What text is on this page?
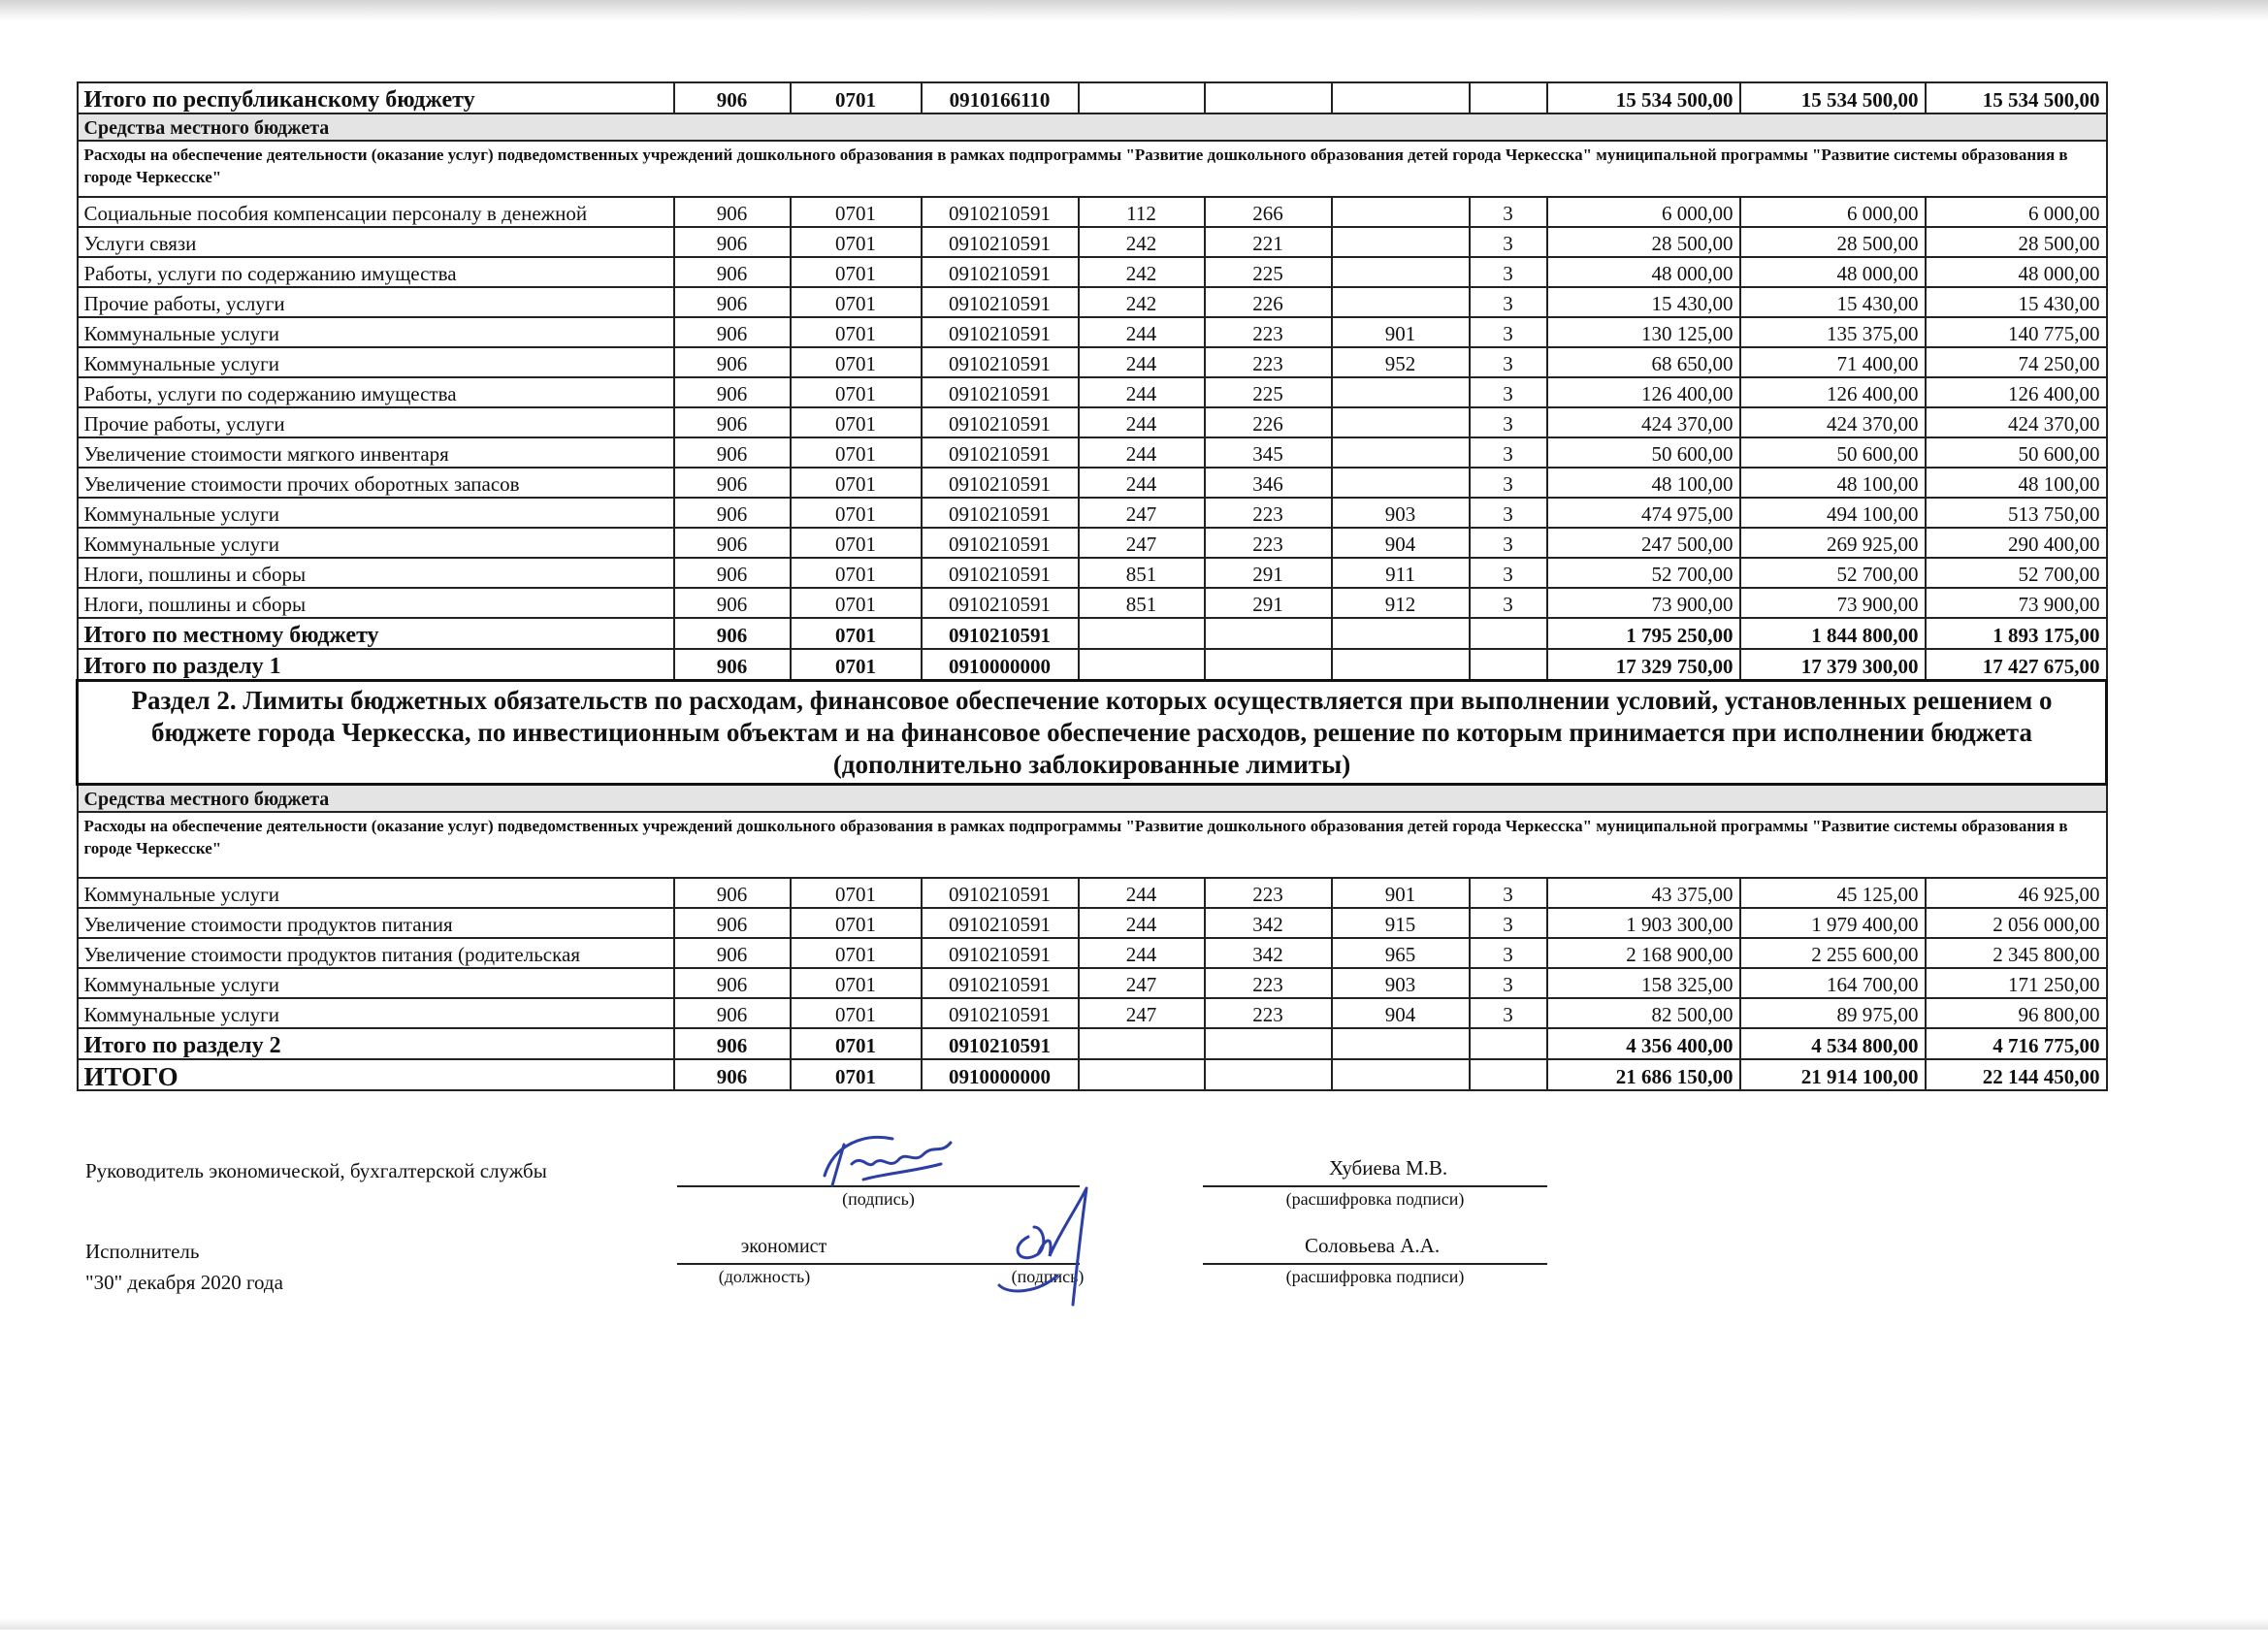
Итого по республиканскому бюджету	906	0701	0910166110					15 534 500,00	15 534 500,00	15 534 500,00
Средства местного бюджета										
Расходы на обеспечение деятельности (оказание услуг) подведомственных учреждений дошкольного образования в рамках подпрограммы "Развитие дошкольного образования детей города Черкесска" муниципальной программы "Развитие системы образования в городе Черкесске"										
Социальные пособия компенсации персоналу в денежной	906	0701	0910210591	112	266		3	6 000,00	6 000,00	6 000,00
Услуги связи	906	0701	0910210591	242	221		3	28 500,00	28 500,00	28 500,00
Работы, услуги по содержанию имущества	906	0701	0910210591	242	225		3	48 000,00	48 000,00	48 000,00
Прочие работы, услуги	906	0701	0910210591	242	226		3	15 430,00	15 430,00	15 430,00
Коммунальные услуги	906	0701	0910210591	244	223	901	3	130 125,00	135 375,00	140 775,00
Коммунальные услуги	906	0701	0910210591	244	223	952	3	68 650,00	71 400,00	74 250,00
Работы, услуги по содержанию имущества	906	0701	0910210591	244	225		3	126 400,00	126 400,00	126 400,00
Прочие работы, услуги	906	0701	0910210591	244	226		3	424 370,00	424 370,00	424 370,00
Увеличение стоимости мягкого инвентаря	906	0701	0910210591	244	345		3	50 600,00	50 600,00	50 600,00
Увеличение стоимости прочих оборотных запасов	906	0701	0910210591	244	346		3	48 100,00	48 100,00	48 100,00
Коммунальные услуги	906	0701	0910210591	247	223	903	3	474 975,00	494 100,00	513 750,00
Коммунальные услуги	906	0701	0910210591	247	223	904	3	247 500,00	269 925,00	290 400,00
Нлоги, пошлины и сборы	906	0701	0910210591	851	291	911	3	52 700,00	52 700,00	52 700,00
Нлоги, пошлины и сборы	906	0701	0910210591	851	291	912	3	73 900,00	73 900,00	73 900,00
Итого по местному бюджету	906	0701	0910210591					1 795 250,00	1 844 800,00	1 893 175,00
Итого по разделу 1	906	0701	0910000000					17 329 750,00	17 379 300,00	17 427 675,00
Раздел 2. Лимиты бюджетных обязательств по расходам, финансовое обеспечение которых осуществляется при выполнении условий, установленных решением о бюджете города Черкесска, по инвестиционным объектам и на финансовое обеспечение расходов, решение по которым принимается при исполнении бюджета (дополнительно заблокированные лимиты)										
Средства местного бюджета										
Расходы на обеспечение деятельности (оказание услуг) подведомственных учреждений дошкольного образования в рамках подпрограммы "Развитие дошкольного образования детей города Черкесска" муниципальной программы "Развитие системы образования в городе Черкесске"										
Коммунальные услуги	906	0701	0910210591	244	223	901	3	43 375,00	45 125,00	46 925,00
Увеличение стоимости продуктов питания	906	0701	0910210591	244	342	915	3	1 903 300,00	1 979 400,00	2 056 000,00
Увеличение стоимости продуктов питания (родительская	906	0701	0910210591	244	342	965	3	2 168 900,00	2 255 600,00	2 345 800,00
Коммунальные услуги	906	0701	0910210591	247	223	903	3	158 325,00	164 700,00	171 250,00
Коммунальные услуги	906	0701	0910210591	247	223	904	3	82 500,00	89 975,00	96 800,00
Итого по разделу 2	906	0701	0910210591					4 356 400,00	4 534 800,00	4 716 775,00
ИТОГО	906	0701	0910000000					21 686 150,00	21 914 100,00	22 144 450,00
Руководитель экономической, бухгалтерской службы
(подпись)
Хубиева М.В.
(расшифровка подписи)
Исполнитель
"30" декабря 2020 года
экономист
(должность)	(подпись)
Соловьева А.А.
(расшифровка подписи)
